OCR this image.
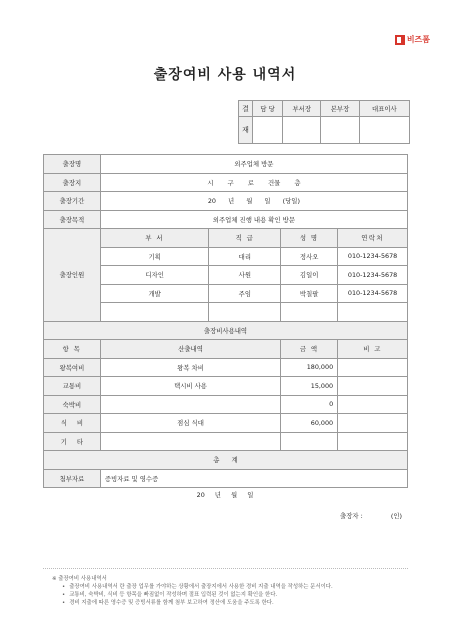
비즈폼
출장여비 사용 내역서
결	담 당	부서장	본부장	대표이사
재				
출장명	외주업체 방문			
출장지	시 구 로 건물 층			
출장기간	20 년 월 일 (당일)			
출장목적	외주업체 진행 내용 확인 방문			
출장인원	부 서	직 급	성 명	연락처
	기획	대리	정사오	010-1234-5678
	디자인	사원	김일이	010-1234-5678
	개발	주임	박칠팔	010-1234-5678

출장비사용내역				
항 목	산출내역		금 액	비 고
왕복여비	왕복 차비		180,000	
교통비	택시비 사용		15,000	
숙박비			0	
식 비	점심 식대		60,000	
기 타				
총 계				
첨부자료	증빙자료 및 영수증			
20 년 월 일
출장자 :	(인)
※ 출장여비 사용내역서
• 출장여비 사용내역서 란 출장 업무를 가야하는 상황에서 출장지에서 사용한 경비 지출 내역을 작성하는 문서이다.
• 교통비, 숙박비, 식비 등 항목을 빠짐없이 작성하며 절표 입력된 것이 없는지 확인을 한다.
• 경비 지출에 따른 영수증 및 증빙서류를 함께 첨부 보고하여 정산에 도움을 주도록 한다.
